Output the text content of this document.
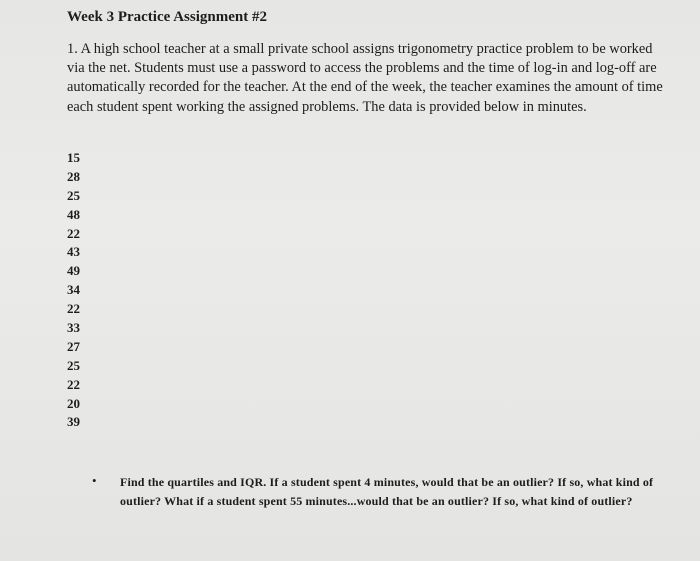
Week 3 Practice Assignment #2

1. A high school teacher at a small private school assigns trigonometry practice problem to be worked via the net. Students must use a password to access the problems and the time of log-in and log-off are automatically recorded for the teacher. At the end of the week, the teacher examines the amount of time each student spent working the assigned problems. The data is provided below in minutes.

15
28
25
48
22
43
49
34
22
33
27
25
22
20
39
• Find the quartiles and IQR. If a student spent 4 minutes, would that be an outlier? If so, what kind of outlier? What if a student spent 55 minutes...would that be an outlier? If so, what kind of outlier?
